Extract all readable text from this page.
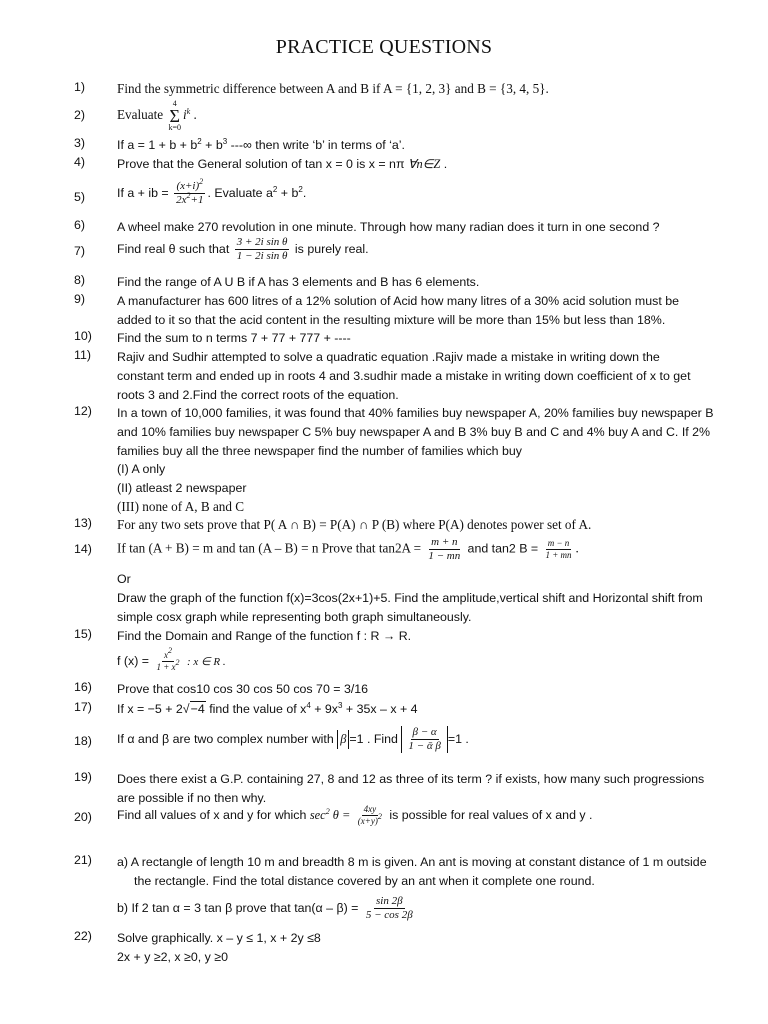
PRACTICE QUESTIONS
1) Find the symmetric difference between A and B if A = {1, 2, 3} and B = {3, 4, 5}.
2) Evaluate
4
Σ
k=0
$i^k$ .
3)	If $a = 1 + b + b^2 + b^3$ ---∞ then write ‘b’ in terms of ‘a’.
4)	Prove that the General solution of tan x = 0 is x = nπ ∀n∈Z .
5)	If a + ib = $\frac{(x+i)^2}{2x^2+1}$ . Evaluate $a^2 + b^2$.
6)	A wheel make 270 revolution in one minute. Through how many radian does it turn in one second ?
7)	Find real θ such that $\frac{\text{3 + 2i sin θ}}{\text{1 − 2i sin θ}}$ is purely real.
8)	Find the range of A U B if A has 3 elements and B has 6 elements.
9)	A manufacturer has 600 litres of a 12% solution of Acid how many litres of a 30% acid solution must be
added to it so that the acid content in the resulting mixture will be more than 15% but less than 18%.
10) Find the sum to n terms 7 + 77 + 777 + ----
11) Rajiv and Sudhir attempted to solve a quadratic equation .Rajiv made a mistake in writing down the
constant term and ended up in roots 4 and 3.sudhir made a mistake in writing down coefficient of x to get
roots 3 and 2.Find the correct roots of the equation.
12) In a town of 10,000 families, it was found that 40% families buy newspaper A, 20% families buy newspaper B
and 10% families buy newspaper C 5% buy newspaper A and B 3% buy B and C and 4% buy A and C. If 2%
families buy all the three newspaper find the number of families which buy
(I) A only
(II) atleast 2 newspaper
(III) none of A, B and C
13) For any two sets prove that P( A ∩ B) = P(A) ∩ P (B) where P(A) denotes power set of A.
14) If tan (A + B) = m and tan (A – B) = n Prove that $\tan 2A = \frac{m + n}{1 - mn}$ and tan2 $B = \frac{m - n}{1 + mn}$ .
Or
Draw the graph of the function f(x)=3cos(2x+1)+5. Find the amplitude,vertical shift and Horizontal shift from
simple cosx graph while representing both graph simultaneously.
15) Find the Domain and Range of the function f : R → R.
f $(x) = \frac{x^2}{1 + x^2}$ : x ∈ R .
16) Prove that cos10 cos 30 cos 50 cos 70 = 3/16
17) If x = −5 + 2√−4 find the value of $x^4 + 9x^3 + 35x - x + 4$
18) If α and β are two complex number with β =1 . Find $\frac{\beta - \alpha}{\text{1 − ᾱ β}} =1$ .
19) Does there exist a G.P. containing 27, 8 and 12 as three of its term ? if exists, how many such progressions
are possible if no then why.
20) Find all values of x and y for which $\sec^2 \theta = \frac{4xy}{(x+y)^2}$ is possible for real values of x and y .
21) a) A rectangle of length 10 m and breadth 8 m is given. An ant is moving at constant distance of 1 m outside
the rectangle. Find the total distance covered by an ant when it complete one round.
b) If 2 tan α = 3 tan β prove that $\tan(\alpha - \beta) = \frac{\sin 2\beta}{5 - \cos 2\beta}$
22) Solve graphically. x – y ≤ 1, x + 2y ≤8
2x + y ≥2, x ≥0, y ≥0
